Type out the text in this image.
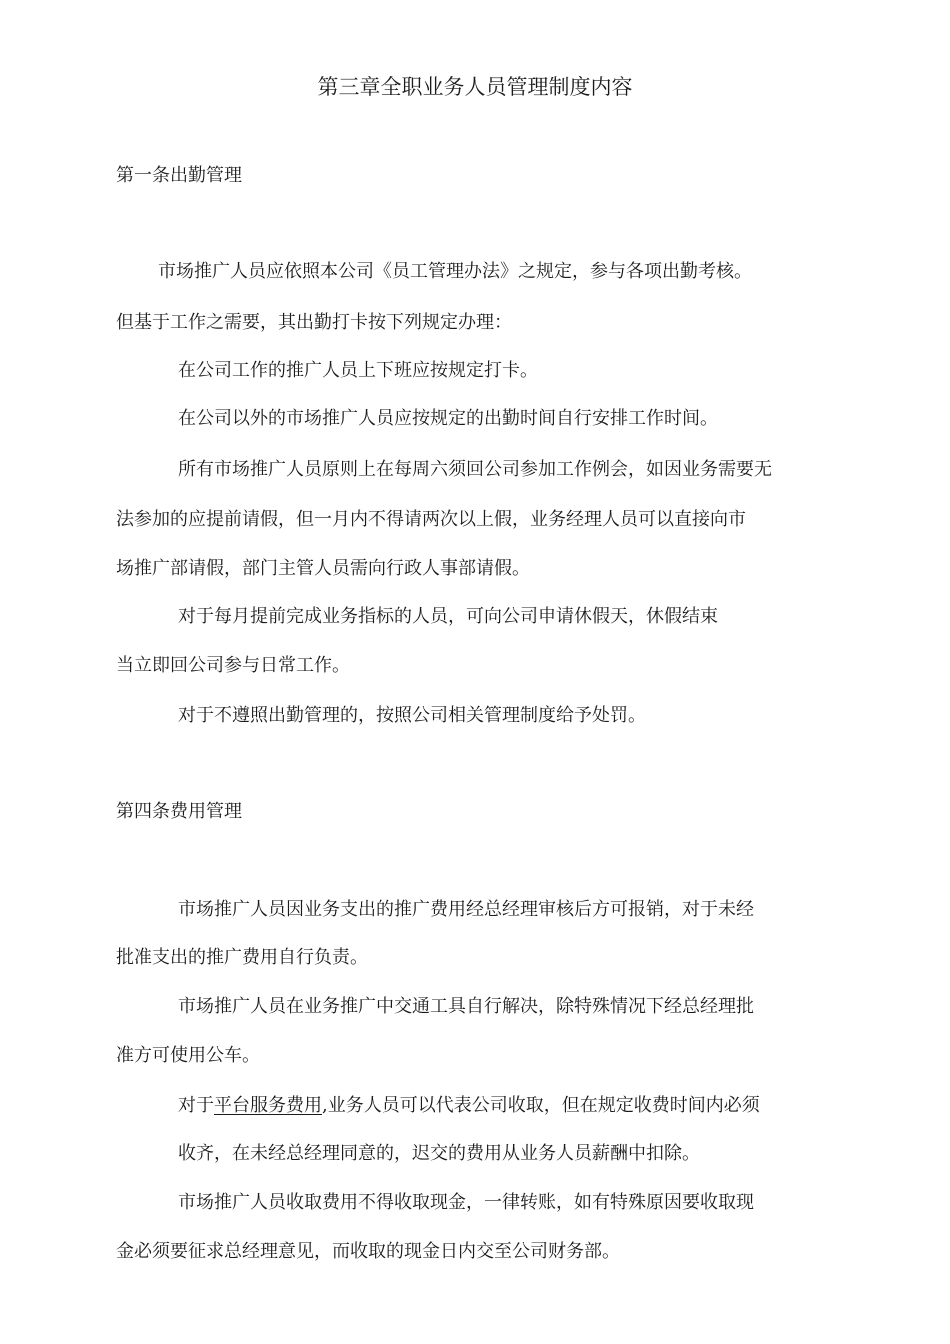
第三章全职业务人员管理制度内容
第一条出勤管理
市场推广人员应依照本公司《员工管理办法》之规定，参与各项出勤考核。
但基于工作之需要，其出勤打卡按下列规定办理：
在公司工作的推广人员上下班应按规定打卡。
在公司以外的市场推广人员应按规定的出勤时间自行安排工作时间。
所有市场推广人员原则上在每周六须回公司参加工作例会，如因业务需要无
法参加的应提前请假，但一月内不得请两次以上假，业务经理人员可以直接向市
场推广部请假，部门主管人员需向行政人事部请假。
对于每月提前完成业务指标的人员，可向公司申请休假天，休假结束
当立即回公司参与日常工作。
对于不遵照出勤管理的，按照公司相关管理制度给予处罚。
第四条费用管理
市场推广人员因业务支出的推广费用经总经理审核后方可报销，对于未经
批准支出的推广费用自行负责。
市场推广人员在业务推广中交通工具自行解决，除特殊情况下经总经理批
准方可使用公车。
对于平台服务费用,业务人员可以代表公司收取，但在规定收费时间内必须
收齐，在未经总经理同意的，迟交的费用从业务人员薪酬中扣除。
市场推广人员收取费用不得收取现金，一律转账，如有特殊原因要收取现
金必须要征求总经理意见，而收取的现金日内交至公司财务部。
